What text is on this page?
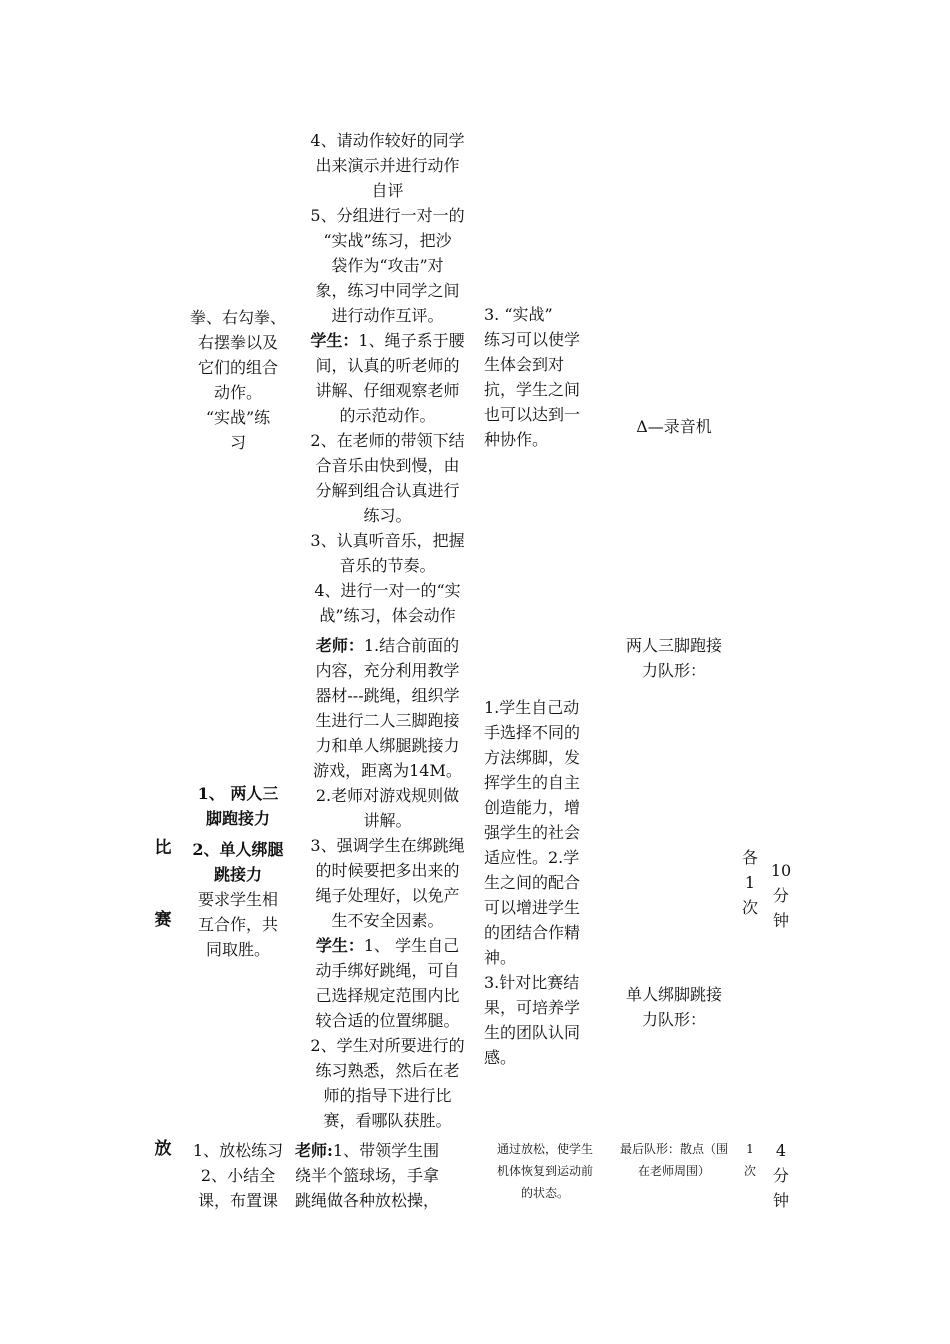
拳、右勾拳、
右摆拳以及
它们的组合
动作。
“实战”练
习
4、请动作较好的同学
出来演示并进行动作
自评
5、分组进行一对一的
“实战”练习，把沙
袋作为“攻击”对
象，练习中同学之间
进行动作互评。
学生：1、绳子系于腰
间，认真的听老师的
讲解、仔细观察老师
的示范动作。
2、在老师的带领下结
合音乐由快到慢，由
分解到组合认真进行
练习。
3、认真听音乐，把握
音乐的节奏。
4、进行一对一的“实
战”练习，体会动作
3. “实战”
练习可以使学
生体会到对
抗，学生之间
也可以达到一
种协作。
Δ—录音机
比
赛
1、 两人三
脚跑接力
2、单人绑腿
跳接力
要求学生相
互合作，共
同取胜。
老师：1.结合前面的
内容，充分利用教学
器材---跳绳，组织学
生进行二人三脚跑接
力和单人绑腿跳接力
游戏，距离为14M。
2.老师对游戏规则做
讲解。
3、强调学生在绑跳绳
的时候要把多出来的
绳子处理好，以免产
生不安全因素。
学生：1、 学生自己
动手绑好跳绳，可自
己选择规定范围内比
较合适的位置绑腿。
2、学生对所要进行的
练习熟悉，然后在老
师的指导下进行比
赛，看哪队获胜。
1.学生自己动
手选择不同的
方法绑脚，发
挥学生的自主
创造能力，增
强学生的社会
适应性。2.学
生之间的配合
可以增进学生
的团结合作精
神。
3.针对比赛结
果，可培养学
生的团队认同
感。
两人三脚跑接
力队形：
单人绑脚跳接
力队形：
各
1
次
10
分
钟
放	1、放松练习
2、小结全
课，布置课
老师:1、带领学生围
绕半个篮球场，手拿
跳绳做各种放松操，
通过放松，使学生
机体恢复到运动前
的状态。
最后队形：散点（围
在老师周围）
1
次
4
分
钟
